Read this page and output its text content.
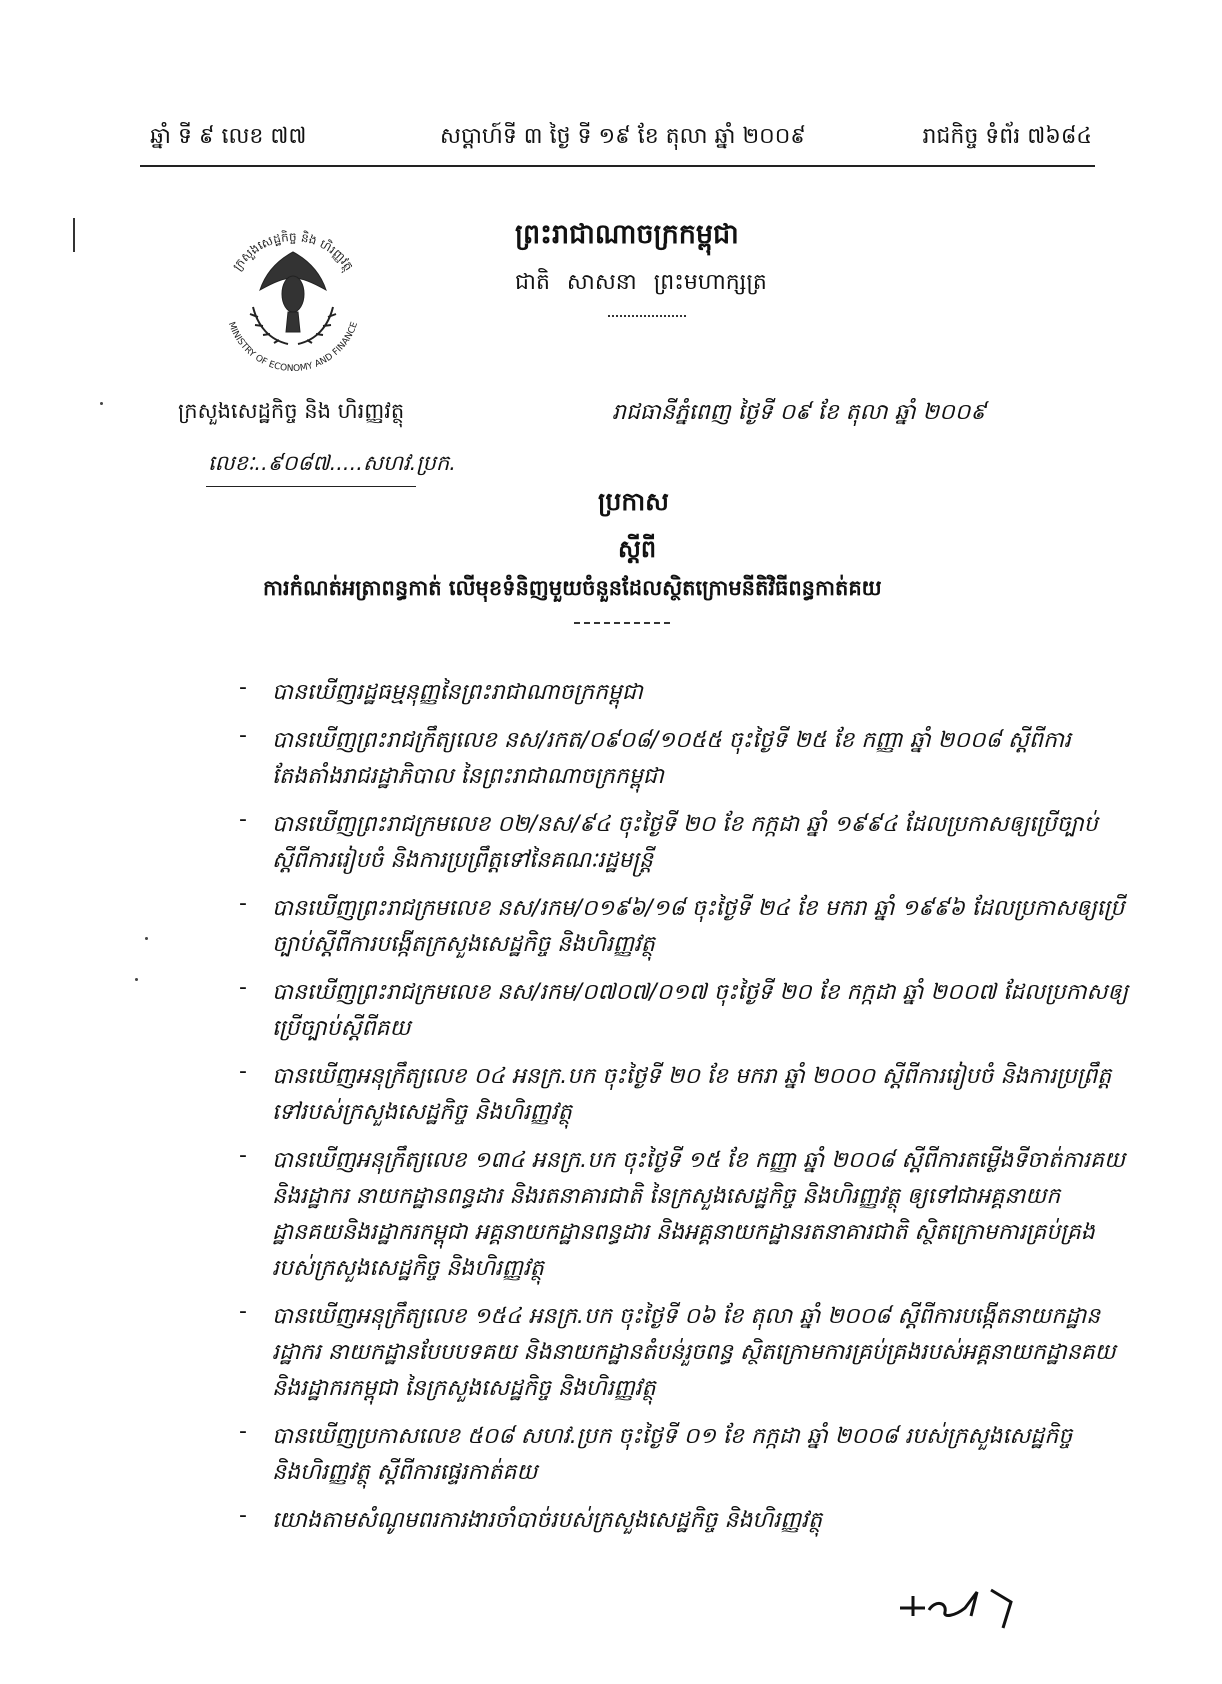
ឆ្នាំ ទី ៩ លេខ ៧៧	សប្ដាហ៍ទី ៣ ថ្ងៃ ទី ១៩ ខែ តុលា ឆ្នាំ ២០០៩	រាជកិច្ច ទំព័រ ៧៦៨៤
ក្រសួងសេដ្ឋកិច្ច និង ហិរញ្ញវត្ថុ
MINISTRY OF ECONOMY AND FINANCE
ព្រះរាជាណាចក្រកម្ពុជា
ជាតិ សាសនា ព្រះមហាក្សត្រ
ក្រសួងសេដ្ឋកិច្ច និង ហិរញ្ញវត្ថុ
លេខៈ..៩០៨៧.....សហវ.ប្រក.
រាជធានីភ្នំពេញ ថ្ងៃទី ០៩ ខែ តុលា ឆ្នាំ ២០០៩
ប្រកាស
ស្ដីពី
ការកំណត់អត្រាពន្ធកាត់ លើមុខទំនិញមួយចំនួនដែលស្ថិតក្រោមនីតិវិធីពន្ធកាត់គយ
- បានឃើញរដ្ឋធម្មនុញ្ញនៃព្រះរាជាណាចក្រកម្ពុជា

- បានឃើញព្រះរាជក្រឹត្យលេខ នស/រកត/០៩០៨/១០៥៥ ចុះថ្ងៃទី ២៥ ខែ កញ្ញា ឆ្នាំ ២០០៨ ស្ដីពីការតែងតាំងរាជរដ្ឋាភិបាល នៃព្រះរាជាណាចក្រកម្ពុជា

- បានឃើញព្រះរាជក្រមលេខ ០២/នស/៩៤ ចុះថ្ងៃទី ២០ ខែ កក្កដា ឆ្នាំ ១៩៩៤ ដែលប្រកាសឲ្យប្រើច្បាប់ស្ដីពីការរៀបចំ និងការប្រព្រឹត្តទៅនៃគណៈរដ្ឋមន្ត្រី

- បានឃើញព្រះរាជក្រមលេខ នស/រកម/០១៩៦/១៨ ចុះថ្ងៃទី ២៤ ខែ មករា ឆ្នាំ ១៩៩៦ ដែលប្រកាសឲ្យប្រើច្បាប់ស្ដីពីការបង្កើតក្រសួងសេដ្ឋកិច្ច និងហិរញ្ញវត្ថុ

- បានឃើញព្រះរាជក្រមលេខ នស/រកម/០៧០៧/០១៧ ចុះថ្ងៃទី ២០ ខែ កក្កដា ឆ្នាំ ២០០៧ ដែលប្រកាសឲ្យប្រើច្បាប់ស្ដីពីគយ

- បានឃើញអនុក្រឹត្យលេខ ០៤ អនក្រ.បក ចុះថ្ងៃទី ២០ ខែ មករា ឆ្នាំ ២០០០ ស្ដីពីការរៀបចំ និងការប្រព្រឹត្តទៅរបស់ក្រសួងសេដ្ឋកិច្ច និងហិរញ្ញវត្ថុ

- បានឃើញអនុក្រឹត្យលេខ ១៣៤ អនក្រ.បក ចុះថ្ងៃទី ១៥ ខែ កញ្ញា ឆ្នាំ ២០០៨ ស្ដីពីការតម្លើងទីចាត់ការគយនិងរដ្ឋាករ នាយកដ្ឋានពន្ធដារ និងរតនាគារជាតិ នៃក្រសួងសេដ្ឋកិច្ច និងហិរញ្ញវត្ថុ ឲ្យទៅជាអគ្គនាយកដ្ឋានគយនិងរដ្ឋាករកម្ពុជា អគ្គនាយកដ្ឋានពន្ធដារ និងអគ្គនាយកដ្ឋានរតនាគារជាតិ ស្ថិតក្រោមការគ្រប់គ្រងរបស់ក្រសួងសេដ្ឋកិច្ច និងហិរញ្ញវត្ថុ

- បានឃើញអនុក្រឹត្យលេខ ១៥៤ អនក្រ.បក ចុះថ្ងៃទី ០៦ ខែ តុលា ឆ្នាំ ២០០៨ ស្ដីពីការបង្កើតនាយកដ្ឋានរដ្ឋាករ នាយកដ្ឋានបែបបទគយ និងនាយកដ្ឋានតំបន់រួចពន្ធ ស្ថិតក្រោមការគ្រប់គ្រងរបស់អគ្គនាយកដ្ឋានគយនិងរដ្ឋាករកម្ពុជា នៃក្រសួងសេដ្ឋកិច្ច និងហិរញ្ញវត្ថុ

- បានឃើញប្រកាសលេខ ៥០៨ សហវ.ប្រក ចុះថ្ងៃទី ០១ ខែ កក្កដា ឆ្នាំ ២០០៨ របស់ក្រសួងសេដ្ឋកិច្ច និងហិរញ្ញវត្ថុ ស្ដីពីការផ្ទេរកាត់គយ

- យោងតាមសំណូមពរការងារចាំបាច់របស់ក្រសួងសេដ្ឋកិច្ច និងហិរញ្ញវត្ថុ
